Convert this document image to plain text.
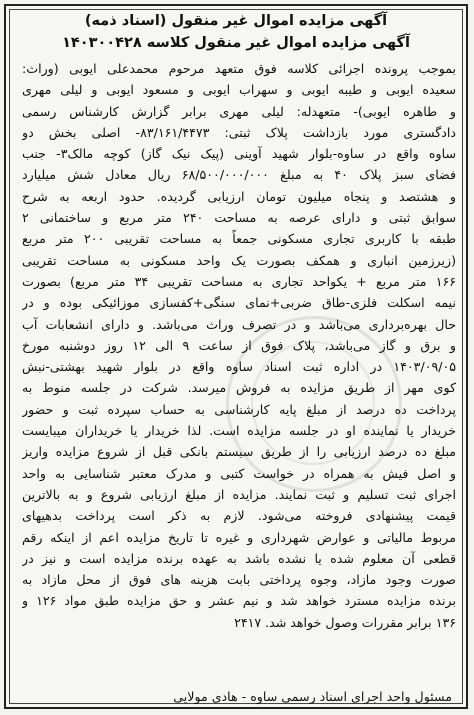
آگهی مزایده اموال غیر منقول (اسناد ذمه)

آگهی مزایده اموال غیر منقول کلاسه ۱۴۰۳۰۰۴۲۸

بموجب پرونده اجرائی کلاسه فوق متعهد مرحوم محمدعلی ایوبی (وراث:
سعیده ایوبی و طیبه ایوبی و سهراب ایوبی و مسعود ایوبی و لیلی مهری
و طاهره ایوبی)- متعهدله: لیلی مهری برابر گزارش کارشناس رسمی
دادگستری مورد بازداشت پلاک ثبتی: ۸۳/۱۶۱/۴۴۷۳- اصلی بخش دو
ساوه واقع در ساوه-بلوار شهید آوینی (پیک نیک گاز) کوچه مالک۳- جنب
فضای سبز پلاک ۴۰ به مبلغ ۶۸/۵۰۰/۰۰۰/۰۰۰ ریال معادل شش میلیارد
و هشتصد و پنجاه میلیون تومان ارزیابی گردیده. حدود اربعه به شرح
سوابق ثبتی و دارای عرصه به مساحت ۲۴۰ متر مربع و ساختمانی ۲
طبقه با کاربری تجاری مسکونی جمعاً به مساحت تقریبی ۲۰۰ متر مربع
(زیرزمین انباری و همکف بصورت یک واحد مسکونی به مساحت تقریبی
۱۶۶ متر مربع + یکواحد تجاری به مساحت تقریبی ۳۴ متر مربع) بصورت
نیمه اسکلت فلزی-طاق ضربی+نمای سنگی+کفسازی موزائیکی بوده و در
حال بهره‌برداری می‌باشد و در تصرف وراث می‌باشد. و دارای انشعابات آب
و برق و گاز می‌باشد، پلاک فوق از ساعت ۹ الی ۱۲ روز دوشنبه مورخ
۱۴۰۳/۰۹/۰۵ در اداره ثبت اسناد ساوه واقع در بلوار شهید بهشتی-نبش
کوی مهر از طریق مزایده به فروش میرسد. شرکت در جلسه منوط به
پرداخت ده درصد از مبلغ پایه کارشناسی به حساب سپرده ثبت و حضور
خریدار یا نماینده او در جلسه مزایده است. لذا خریدار یا خریداران میبایست
مبلغ ده درصد ارزیابی را از طریق سیستم بانکی قبل از شروع مزایده واریز
و اصل فیش به همراه در خواست کتبی و مدرک معتبر شناسایی به واحد
اجرای ثبت تسلیم و ثبت نمایند. مزایده از مبلغ ارزیابی شروع و به بالاترین
قیمت پیشنهادی فروخته می‌شود. لازم به ذکر است پرداخت بدهیهای
مربوط مالیاتی و عوارض شهرداری و غیره تا تاریخ مزایده اعم از اینکه رقم
قطعی آن معلوم شده یا نشده باشد به عهده برنده مزایده است و نیز در
صورت وجود مازاد، وجوه پرداختی بابت هزینه های فوق از محل مازاد به
برنده مزایده مسترد خواهد شد و نیم عشر و حق مزایده طبق مواد ۱۲۶ و
۱۳۶ برابر مقررات وصول خواهد شد. ۲۴۱۷
مسئول واحد اجرای اسناد رسمی ساوه - هادی مولایی
